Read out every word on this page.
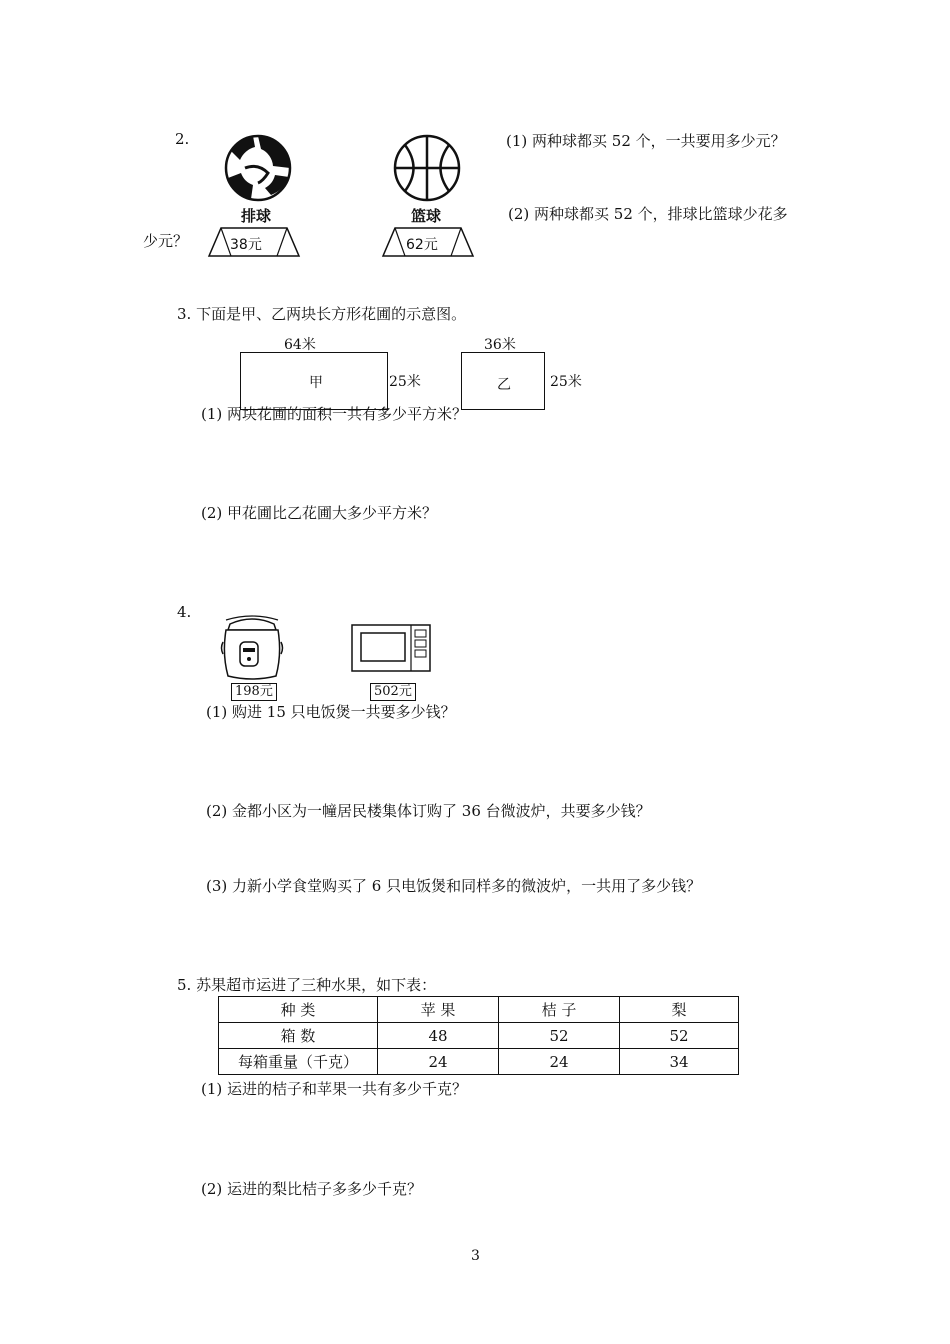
2.
排球
38元
篮球
62元
(1) 两种球都买 52 个，一共要用多少元？
(2) 两种球都买 52 个，排球比篮球少花多
少元？
3. 下面是甲、乙两块长方形花圃的示意图。
64米
甲	25米
36米
乙	25米
(1) 两块花圃的面积一共有多少平方米？
(2) 甲花圃比乙花圃大多少平方米？
4.
198元	502元
(1) 购进 15 只电饭煲一共要多少钱？
(2) 金都小区为一幢居民楼集体订购了 36 台微波炉，共要多少钱？
(3) 力新小学食堂购买了 6 只电饭煲和同样多的微波炉，一共用了多少钱？
5. 苏果超市运进了三种水果，如下表：
种 类	苹 果	桔 子	梨
箱 数	48	52	52
每箱重量（千克）	24	24	34
(1) 运进的桔子和苹果一共有多少千克？
(2) 运进的梨比桔子多多少千克？
3
